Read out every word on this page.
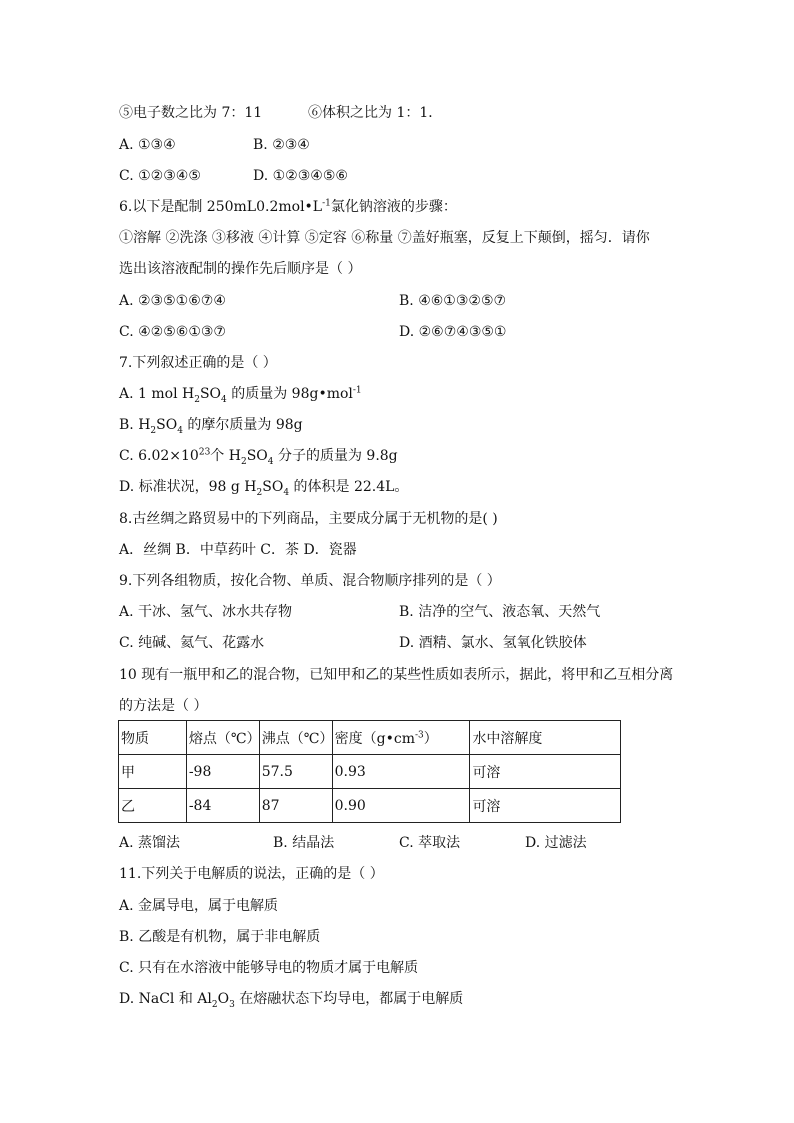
⑤电子数之比为 7：11	⑥体积之比为 1：1．
A. ①③④	B. ②③④
C. ①②③④⑤	D. ①②③④⑤⑥
6.以下是配制 $250mL0.2mol•L^{-1}$氯化钠溶液的步骤：
①溶解 ②洗涤 ③移液 ④计算 ⑤定容 ⑥称量 ⑦盖好瓶塞，反复上下颠倒，摇匀．请你
选出该溶液配制的操作先后顺序是（ ）
A. ②③⑤①⑥⑦④	B. ④⑥①③②⑤⑦
C. ④②⑤⑥①③⑦	D. ②⑥⑦④③⑤①
7.下列叙述正确的是（ ）
A. 1 mol $H_2SO_4$ 的质量为 98g•mol$^{-1}$
B. $H_2SO_4$ 的摩尔质量为 98g
C. $6.02\times 10^{23}$个 $H_2SO_4$ 分子的质量为 9.8g
D. 标准状况，98 g $H_2SO_4$ 的体积是 22.4L。
8.古丝绸之路贸易中的下列商品，主要成分属于无机物的是( )
A．丝绸 B．中草药叶 C．茶 D．瓷器
9.下列各组物质，按化合物、单质、混合物顺序排列的是（ ）
A. 干冰、氢气、冰水共存物	B. 洁净的空气、液态氧、天然气
C. 纯碱、氦气、花露水	D. 酒精、氯水、氢氧化铁胶体
10 现有一瓶甲和乙的混合物，已知甲和乙的某些性质如表所示，据此，将甲和乙互相分离
的方法是（ ）
物质	熔点（℃）	沸点（℃）	密度$(g•cm^{-3})$	水中溶解度
甲	-98	57.5	0.93	可溶
乙	-84	87	0.90	可溶
A. 蒸馏法	B. 结晶法	C. 萃取法	D. 过滤法
11.下列关于电解质的说法，正确的是（ ）
A. 金属导电，属于电解质
B. 乙酸是有机物，属于非电解质
C. 只有在水溶液中能够导电的物质才属于电解质
D. NaCl 和 $Al_2O_3$ 在熔融状态下均导电，都属于电解质
